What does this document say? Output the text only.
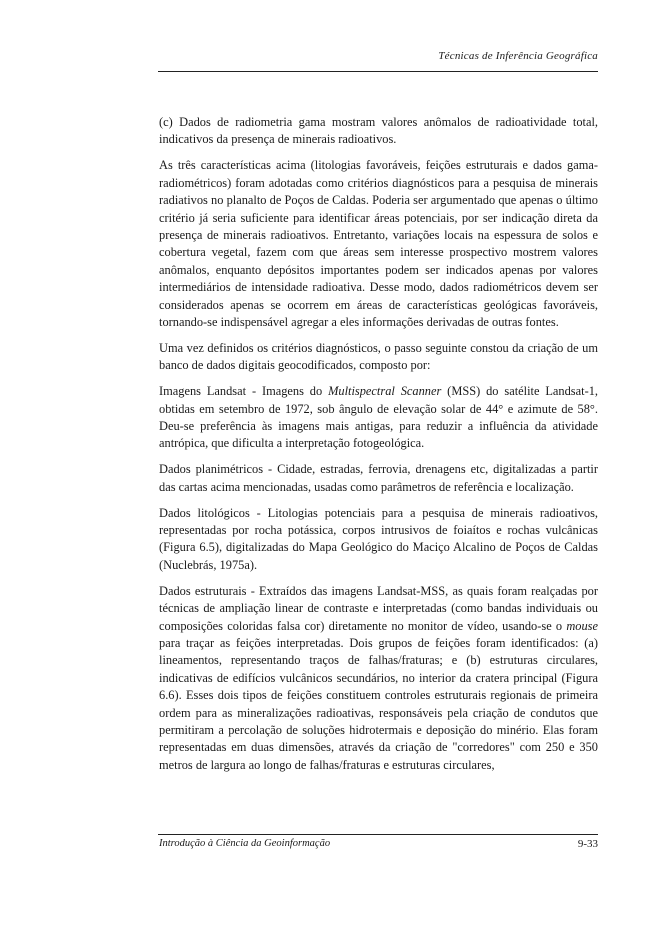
Técnicas de Inferência Geográfica

(c) Dados de radiometria gama mostram valores anômalos de radioatividade total, indicativos da presença de minerais radioativos.

As três características acima (litologias favoráveis, feições estruturais e dados gama-radiométricos) foram adotadas como critérios diagnósticos para a pesquisa de minerais radiativos no planalto de Poços de Caldas. Poderia ser argumentado que apenas o último critério já seria suficiente para identificar áreas potenciais, por ser indicação direta da presença de minerais radioativos. Entretanto, variações locais na espessura de solos e cobertura vegetal, fazem com que áreas sem interesse prospectivo mostrem valores anômalos, enquanto depósitos importantes podem ser indicados apenas por valores intermediários de intensidade radioativa. Desse modo, dados radiométricos devem ser considerados apenas se ocorrem em áreas de características geológicas favoráveis, tornando-se indispensável agregar a eles informações derivadas de outras fontes.

Uma vez definidos os critérios diagnósticos, o passo seguinte constou da criação de um banco de dados digitais geocodificados, composto por:

Imagens Landsat - Imagens do Multispectral Scanner (MSS) do satélite Landsat-1, obtidas em setembro de 1972, sob ângulo de elevação solar de 44° e azimute de 58°. Deu-se preferência às imagens mais antigas, para reduzir a influência da atividade antrópica, que dificulta a interpretação fotogeológica.

Dados planimétricos - Cidade, estradas, ferrovia, drenagens etc, digitalizadas a partir das cartas acima mencionadas, usadas como parâmetros de referência e localização.

Dados litológicos - Litologias potenciais para a pesquisa de minerais radioativos, representadas por rocha potássica, corpos intrusivos de foiaítos e rochas vulcânicas (Figura 6.5), digitalizadas do Mapa Geológico do Maciço Alcalino de Poços de Caldas (Nuclebrás, 1975a).

Dados estruturais - Extraídos das imagens Landsat-MSS, as quais foram realçadas por técnicas de ampliação linear de contraste e interpretadas (como bandas individuais ou composições coloridas falsa cor) diretamente no monitor de vídeo, usando-se o mouse para traçar as feições interpretadas. Dois grupos de feições foram identificados: (a) lineamentos, representando traços de falhas/fraturas; e (b) estruturas circulares, indicativas de edifícios vulcânicos secundários, no interior da cratera principal (Figura 6.6). Esses dois tipos de feições constituem controles estruturais regionais de primeira ordem para as mineralizações radioativas, responsáveis pela criação de condutos que permitiram a percolação de soluções hidrotermais e deposição do minério. Elas foram representadas em duas dimensões, através da criação de "corredores" com 250 e 350 metros de largura ao longo de falhas/fraturas e estruturas circulares,

Introdução à Ciência da Geoinformação	9-33
